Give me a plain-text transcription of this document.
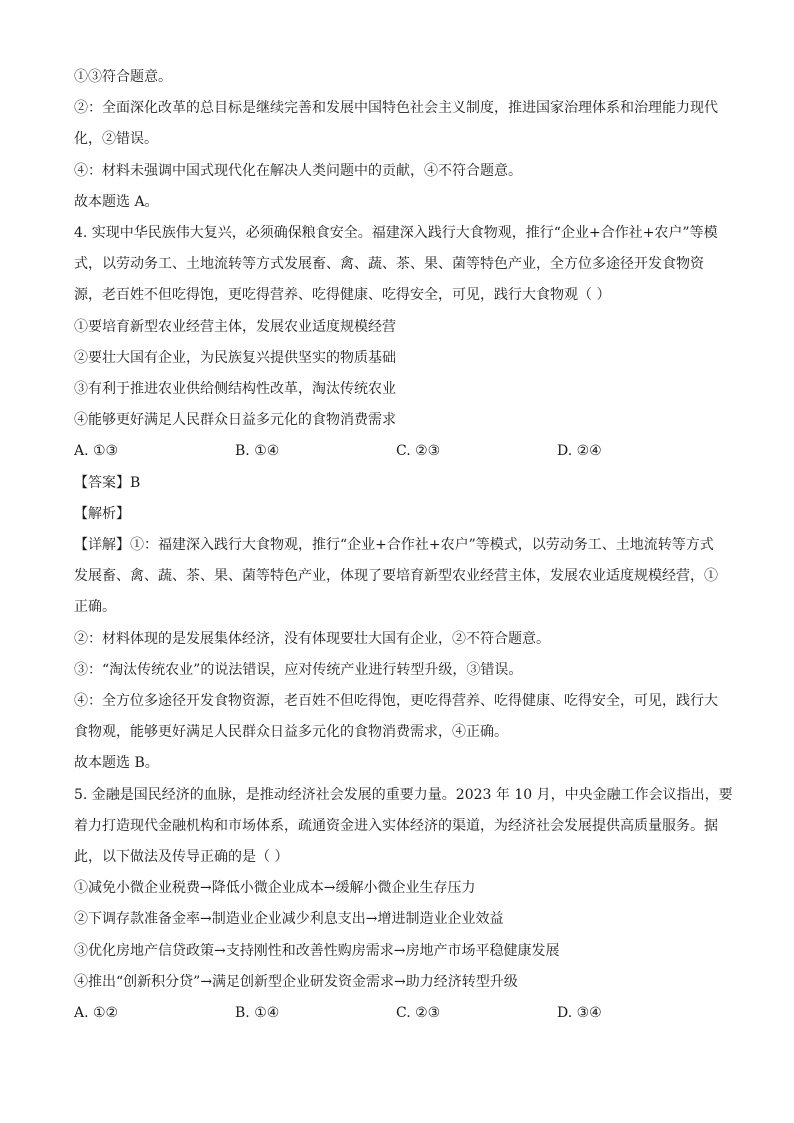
①③符合题意。

②：全面深化改革的总目标是继续完善和发展中国特色社会主义制度，推进国家治理体系和治理能力现代

化，②错误。

④：材料未强调中国式现代化在解决人类问题中的贡献，④不符合题意。

故本题选 A。

4. 实现中华民族伟大复兴，必须确保粮食安全。福建深入践行大食物观，推行“企业+合作社+农户”等模

式，以劳动务工、土地流转等方式发展畜、禽、蔬、茶、果、菌等特色产业，全方位多途径开发食物资

源，老百姓不但吃得饱，更吃得营养、吃得健康、吃得安全，可见，践行大食物观（ ）

①要培育新型农业经营主体，发展农业适度规模经营

②要壮大国有企业，为民族复兴提供坚实的物质基础

③有利于推进农业供给侧结构性改革，淘汰传统农业

④能够更好满足人民群众日益多元化的食物消费需求

A. ①③	B. ①④	C. ②③	D. ②④

【答案】B

【解析】

【详解】①：福建深入践行大食物观，推行“企业+合作社+农户”等模式，以劳动务工、土地流转等方式

发展畜、禽、蔬、茶、果、菌等特色产业，体现了要培育新型农业经营主体，发展农业适度规模经营，①

正确。

②：材料体现的是发展集体经济，没有体现要壮大国有企业，②不符合题意。

③：“淘汰传统农业”的说法错误，应对传统产业进行转型升级，③错误。

④：全方位多途径开发食物资源，老百姓不但吃得饱，更吃得营养、吃得健康、吃得安全，可见，践行大

食物观，能够更好满足人民群众日益多元化的食物消费需求，④正确。

故本题选 B。

5. 金融是国民经济的血脉，是推动经济社会发展的重要力量。2023 年 10 月，中央金融工作会议指出，要

着力打造现代金融机构和市场体系，疏通资金进入实体经济的渠道，为经济社会发展提供高质量服务。据

此，以下做法及传导正确的是（ ）

①减免小微企业税费→降低小微企业成本→缓解小微企业生存压力

②下调存款准备金率→制造业企业减少利息支出→增进制造业企业效益

③优化房地产信贷政策→支持刚性和改善性购房需求→房地产市场平稳健康发展

④推出“创新积分贷”→满足创新型企业研发资金需求→助力经济转型升级

A. ①②	B. ①④	C. ②③	D. ③④
